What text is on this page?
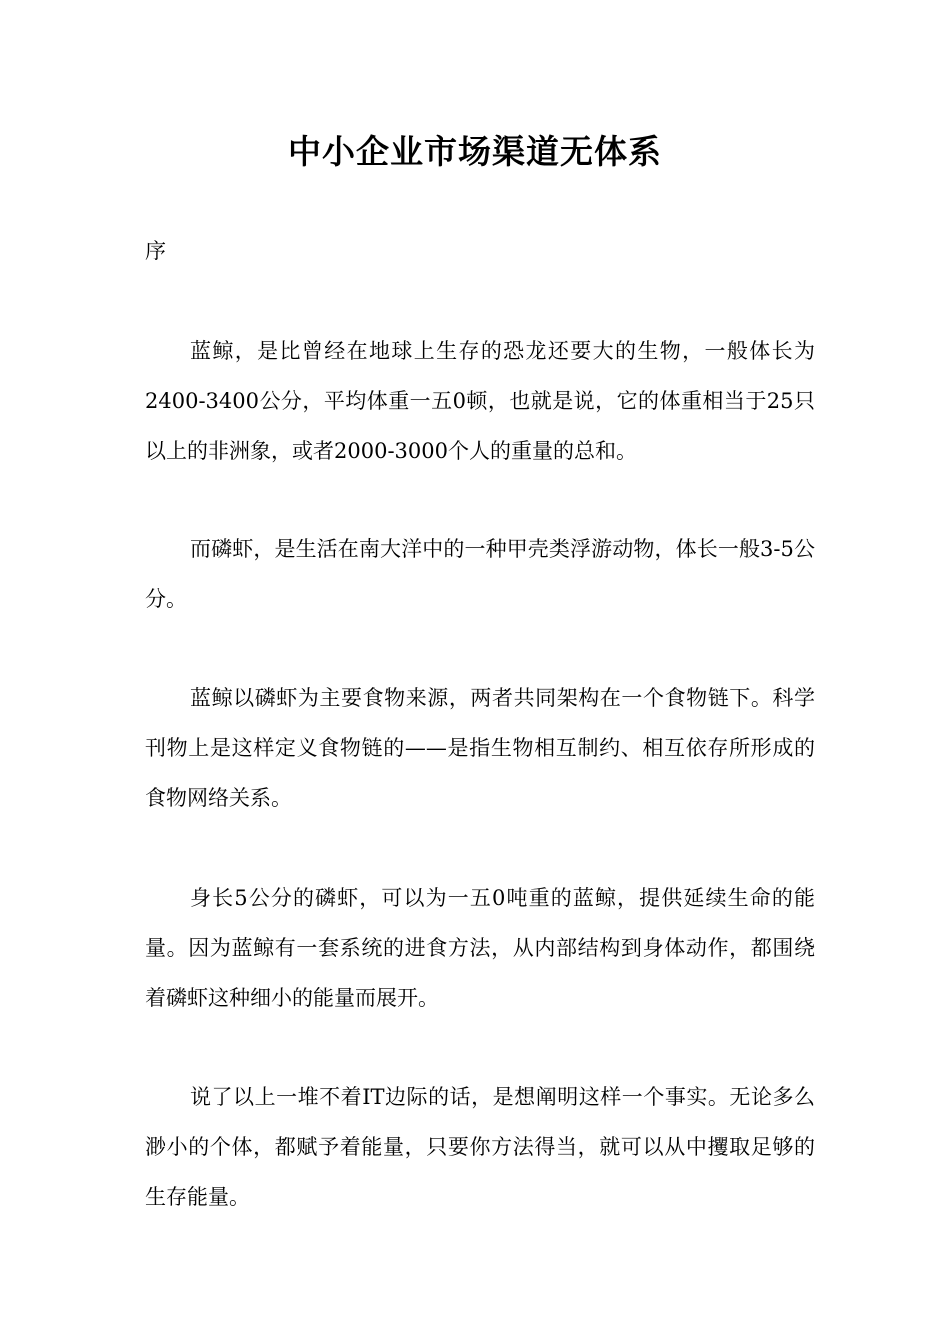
中小企业市场渠道无体系

序

蓝鲸，是比曾经在地球上生存的恐龙还要大的生物，一般体长为2400-3400公分，平均体重一五0顿，也就是说，它的体重相当于25只以上的非洲象，或者2000-3000个人的重量的总和。

而磷虾，是生活在南大洋中的一种甲壳类浮游动物，体长一般3-5公分。

蓝鲸以磷虾为主要食物来源，两者共同架构在一个食物链下。科学刊物上是这样定义食物链的——是指生物相互制约、相互依存所形成的食物网络关系。

身长5公分的磷虾，可以为一五0吨重的蓝鲸，提供延续生命的能量。因为蓝鲸有一套系统的进食方法，从内部结构到身体动作，都围绕着磷虾这种细小的能量而展开。

说了以上一堆不着IT边际的话，是想阐明这样一个事实。无论多么渺小的个体，都赋予着能量，只要你方法得当，就可以从中攫取足够的生存能量。
